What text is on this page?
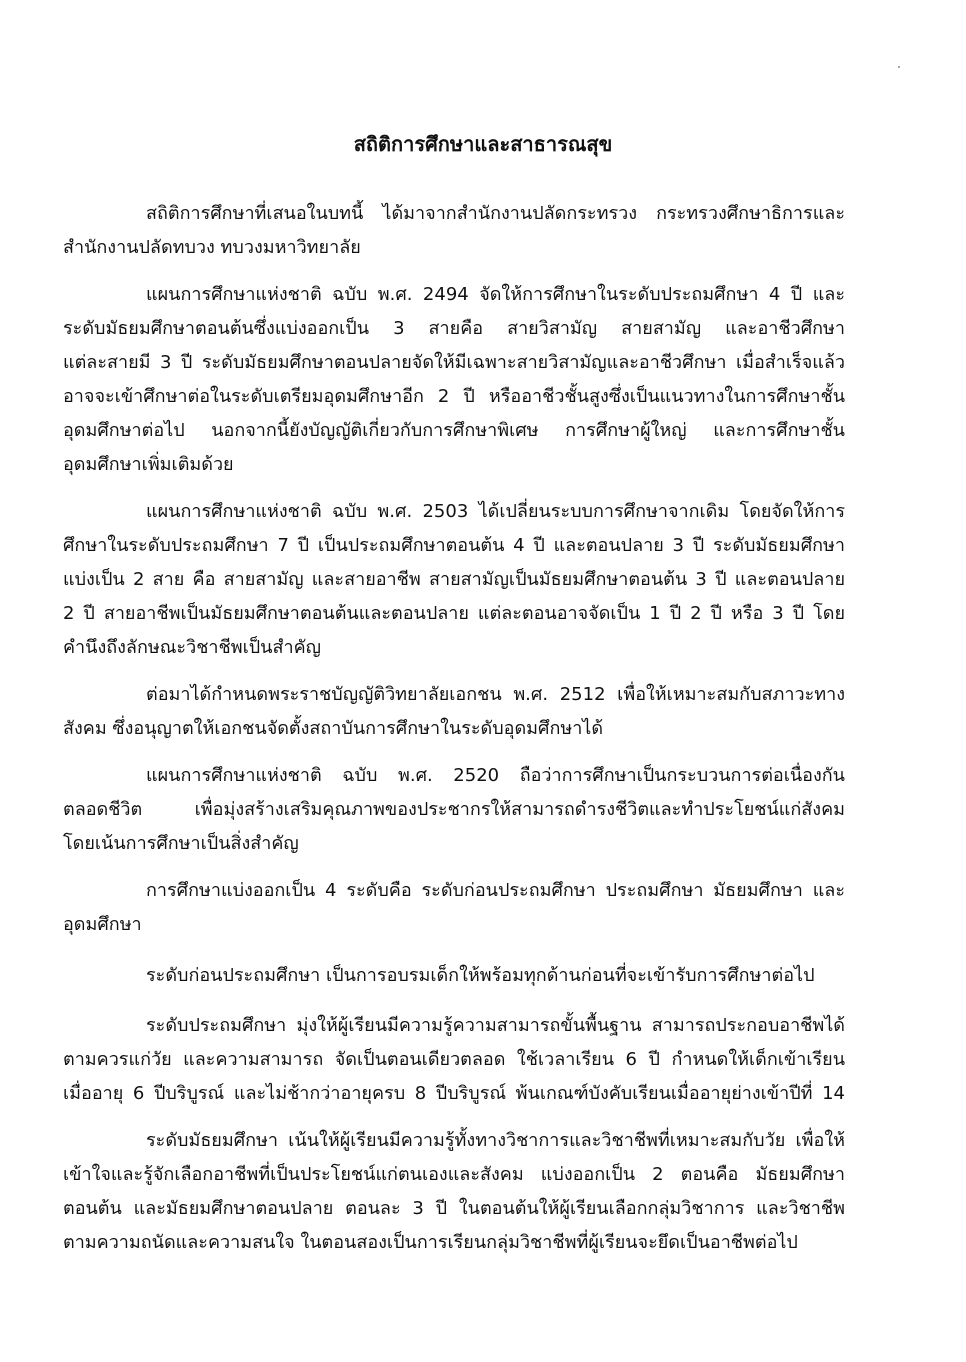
สถิติการศึกษาและสาธารณสุข
สถิติการศึกษาที่เสนอในบทนี้ ได้มาจากสำนักงานปลัดกระทรวง กระทรวงศึกษาธิการและ
สำนักงานปลัดทบวง ทบวงมหาวิทยาลัย
แผนการศึกษาแห่งชาติ ฉบับ พ.ศ. 2494 จัดให้การศึกษาในระดับประถมศึกษา 4 ปี และ
ระดับมัธยมศึกษาตอนต้นซึ่งแบ่งออกเป็น 3 สายคือ สายวิสามัญ สายสามัญ และอาชีวศึกษา
แต่ละสายมี 3 ปี ระดับมัธยมศึกษาตอนปลายจัดให้มีเฉพาะสายวิสามัญและอาชีวศึกษา เมื่อสำเร็จแล้ว
อาจจะเข้าศึกษาต่อในระดับเตรียมอุดมศึกษาอีก 2 ปี หรืออาชีวชั้นสูงซึ่งเป็นแนวทางในการศึกษาชั้น
อุดมศึกษาต่อไป นอกจากนี้ยังบัญญัติเกี่ยวกับการศึกษาพิเศษ การศึกษาผู้ใหญ่ และการศึกษาชั้น
อุดมศึกษาเพิ่มเติมด้วย
แผนการศึกษาแห่งชาติ ฉบับ พ.ศ. 2503 ได้เปลี่ยนระบบการศึกษาจากเดิม โดยจัดให้การ
ศึกษาในระดับประถมศึกษา 7 ปี เป็นประถมศึกษาตอนต้น 4 ปี และตอนปลาย 3 ปี ระดับมัธยมศึกษา
แบ่งเป็น 2 สาย คือ สายสามัญ และสายอาชีพ สายสามัญเป็นมัธยมศึกษาตอนต้น 3 ปี และตอนปลาย
2 ปี สายอาชีพเป็นมัธยมศึกษาตอนต้นและตอนปลาย แต่ละตอนอาจจัดเป็น 1 ปี 2 ปี หรือ 3 ปี โดย
คำนึงถึงลักษณะวิชาชีพเป็นสำคัญ
ต่อมาได้กำหนดพระราชบัญญัติวิทยาลัยเอกชน พ.ศ. 2512 เพื่อให้เหมาะสมกับสภาวะทาง
สังคม ซึ่งอนุญาตให้เอกชนจัดตั้งสถาบันการศึกษาในระดับอุดมศึกษาได้
แผนการศึกษาแห่งชาติ ฉบับ พ.ศ. 2520 ถือว่าการศึกษาเป็นกระบวนการต่อเนื่องกัน
ตลอดชีวิต เพื่อมุ่งสร้างเสริมคุณภาพของประชากรให้สามารถดำรงชีวิตและทำประโยชน์แก่สังคม
โดยเน้นการศึกษาเป็นสิ่งสำคัญ
การศึกษาแบ่งออกเป็น 4 ระดับคือ ระดับก่อนประถมศึกษา ประถมศึกษา มัธยมศึกษา และ
อุดมศึกษา
ระดับก่อนประถมศึกษา เป็นการอบรมเด็กให้พร้อมทุกด้านก่อนที่จะเข้ารับการศึกษาต่อไป
ระดับประถมศึกษา มุ่งให้ผู้เรียนมีความรู้ความสามารถขั้นพื้นฐาน สามารถประกอบอาชีพได้
ตามควรแก่วัย และความสามารถ จัดเป็นตอนเดียวตลอด ใช้เวลาเรียน 6 ปี กำหนดให้เด็กเข้าเรียน
เมื่ออายุ 6 ปีบริบูรณ์ และไม่ช้ากว่าอายุครบ 8 ปีบริบูรณ์ พ้นเกณฑ์บังคับเรียนเมื่ออายุย่างเข้าปีที่ 14
ระดับมัธยมศึกษา เน้นให้ผู้เรียนมีความรู้ทั้งทางวิชาการและวิชาชีพที่เหมาะสมกับวัย เพื่อให้
เข้าใจและรู้จักเลือกอาชีพที่เป็นประโยชน์แก่ตนเองและสังคม แบ่งออกเป็น 2 ตอนคือ มัธยมศึกษา
ตอนต้น และมัธยมศึกษาตอนปลาย ตอนละ 3 ปี ในตอนต้นให้ผู้เรียนเลือกกลุ่มวิชาการ และวิชาชีพ
ตามความถนัดและความสนใจ ในตอนสองเป็นการเรียนกลุ่มวิชาชีพที่ผู้เรียนจะยึดเป็นอาชีพต่อไป
